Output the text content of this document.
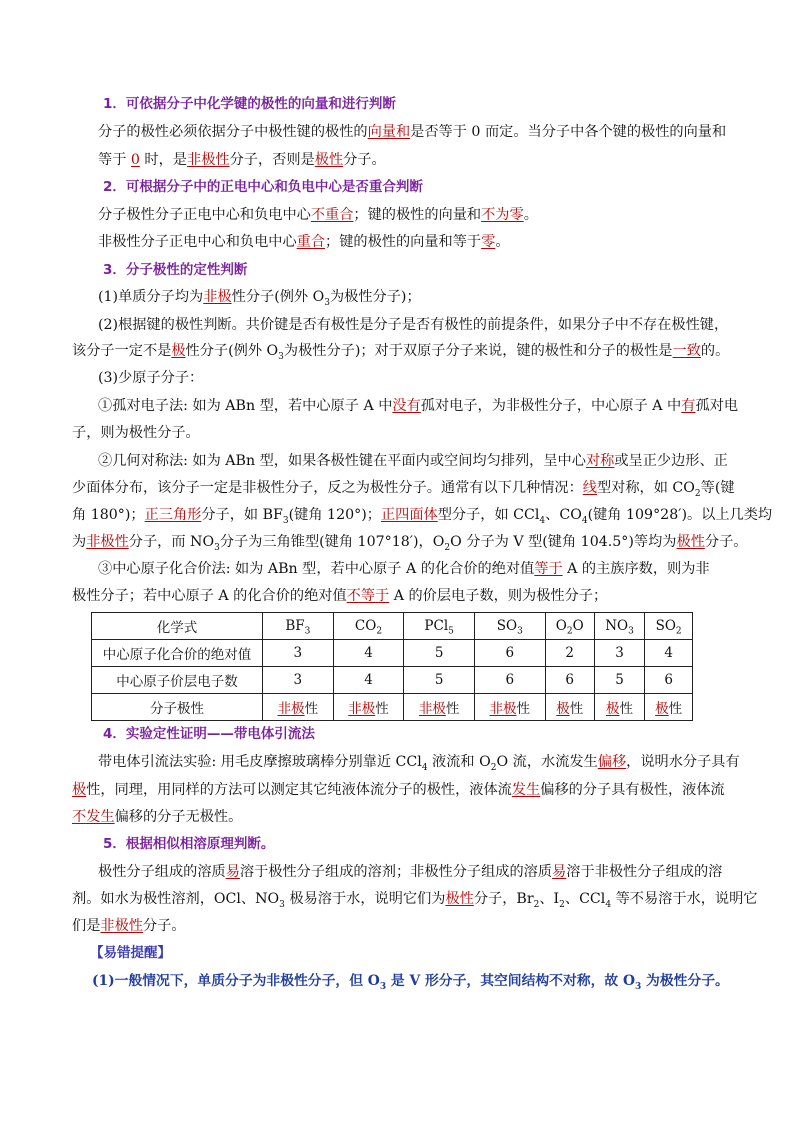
1．可依据分子中化学键的极性的向量和进行判断
分子的极性必须依据分子中极性键的极性的向量和是否等于 0 而定。当分子中各个键的极性的向量和
等于 0 时，是非极性分子，否则是极性分子。
2．可根据分子中的正电中心和负电中心是否重合判断
分子极性分子正电中心和负电中心不重合；键的极性的向量和不为零。
非极性分子正电中心和负电中心重合；键的极性的向量和等于零。
3．分子极性的定性判断
(1)单质分子均为非极性分子(例外 $O_3$为极性分子)；
(2)根据键的极性判断。共价键是否有极性是分子是否有极性的前提条件，如果分子中不存在极性键，
该分子一定不是极性分子(例外 $O_3$为极性分子)；对于双原子分子来说，键的极性和分子的极性是一致的。
(3)少原子分子：
①孤对电子法: 如为 ABn 型，若中心原子 A 中没有孤对电子，为非极性分子，中心原子 A 中有孤对电
子，则为极性分子。
②几何对称法: 如为 ABn 型，如果各极性键在平面内或空间均匀排列，呈中心对称或呈正少边形、正
少面体分布，该分子一定是非极性分子，反之为极性分子。通常有以下几种情况：线型对称，如 $CO_2$等(键
角 180°)；正三角形分子，如 $BF_3$(键角 120°)；正四面体型分子，如 CCl$_4$、$CO_4$(键角 109°28′)。以上几类均
为非极性分子，而 $NO_3$分子为三角锥型(键角 107°18′)，$O_2O$ 分子为 V 型(键角 104.5°)等均为极性分子。
③中心原子化合价法: 如为 ABn 型，若中心原子 A 的化合价的绝对值等于 A 的主族序数，则为非
极性分子；若中心原子 A 的化合价的绝对值不等于 A 的价层电子数，则为极性分子；
化学式	$BF_3$	$CO_2$	PCl$_5$	$SO_3$	$O_2O$	$NO_3$	$SO_2$
中心原子化合价的绝对值	3	4	5	6	2	3	4
中心原子价层电子数	3	4	5	6	6	5	6
分子极性	非极性	非极性	非极性	非极性	极性	极性	极性
4．实验定性证明——带电体引流法
带电体引流法实验: 用毛皮摩擦玻璃棒分别靠近 CCl$_4$ 液流和 $O_2O$ 流，水流发生偏移，说明水分子具有
极性，同理，用同样的方法可以测定其它纯液体流分子的极性，液体流发生偏移的分子具有极性，液体流
不发生偏移的分子无极性。
5．根据相似相溶原理判断。
极性分子组成的溶质易溶于极性分子组成的溶剂；非极性分子组成的溶质易溶于非极性分子组成的溶
剂。如水为极性溶剂，OCl、$NO_3$ 极易溶于水，说明它们为极性分子，$Br_2$、$I_2$、CCl$_4$ 等不易溶于水，说明它
们是非极性分子。
【易错提醒】
(1)一般情况下，单质分子为非极性分子，但 $O_3$ 是 V 形分子，其空间结构不对称，故 $O_3$ 为极性分子。
